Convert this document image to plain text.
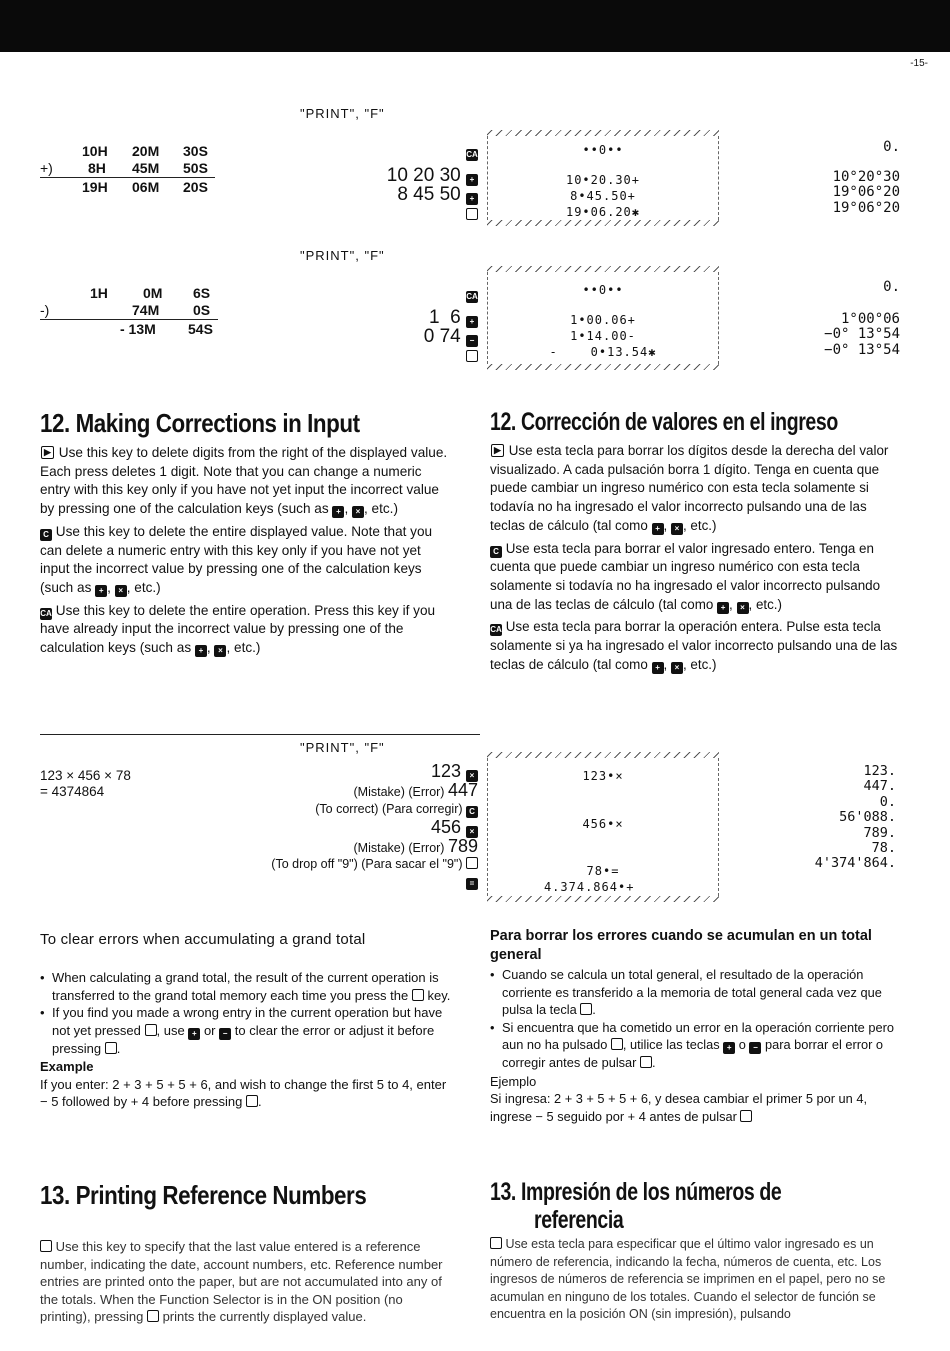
-15-
"PRINT", "F"
10H 20M 30S
+)	8H 45M 50S
19H 06M 20S
CA
10 20 30 +
8 45 50 +
••0••
10•20.30+
8•45.50+
19•06.20✱
0.
10°20°30
19°06°20
19°06°20
"PRINT", "F"
1H	0M 6S
-)	74M 0S
- 13M 54S
CA
1  6 +
0 74 −
••0••
1•00.06+
1•14.00-
-    0•13.54✱
0.
1°00°06
−0° 13°54
−0° 13°54
12. Making Corrections in Input

▶ Use this key to delete digits from the right of the displayed value. Each press deletes 1 digit. Note that you can change a numeric entry with this key only if you have not yet input the incorrect value by pressing one of the calculation keys (such as + , × , etc.)

C Use this key to delete the entire displayed value. Note that you can delete a numeric entry with this key only if you have not yet input the incorrect value by pressing one of the calculation keys (such as + , × , etc.)

CA Use this key to delete the entire operation. Press this key if you have already input the incorrect value by pressing one of the calculation keys (such as + , × , etc.)

12. Corrección de valores en el ingreso

▶ Use esta tecla para borrar los dígitos desde la derecha del valor visualizado. A cada pulsación borra 1 dígito. Tenga en cuenta que puede cambiar un ingreso numérico con esta tecla solamente si todavía no ha ingresado el valor incorrecto pulsando una de las teclas de cálculo (tal como + , × , etc.)

C Use esta tecla para borrar el valor ingresado entero. Tenga en cuenta que puede cambiar un ingreso numérico con esta tecla solamente si todavía no ha ingresado el valor incorrecto pulsando una de las teclas de cálculo (tal como + , × , etc.)

CA Use esta tecla para borrar la operación entera. Pulse esta tecla solamente si ya ha ingresado el valor incorrecto pulsando una de las teclas de cálculo (tal como + , × , etc.)

"PRINT", "F"
123 × 456 × 78
= 4374864
123 ×
(Mistake) (Error) 447
(To correct) (Para corregir) C
456 ×
(Mistake) (Error) 789
(To drop off "9") (Para sacar el "9")
=
123•×
456•×
78•=
4.374.864•+
123.
447.
0.
56'088.
789.
78.
4'374'864.
To clear errors when accumulating a grand total
• When calculating a grand total, the result of the current operation is transferred to the grand total memory each time you press the key.
• If you find you made a wrong entry in the current operation but have not yet pressed , use + or − to clear the error or adjust it before pressing .
Example
If you enter: 2 + 3 + 5 + 5 + 6, and wish to change the first 5 to 4, enter − 5 followed by + 4 before pressing .
Para borrar los errores cuando se acumulan en un total general
• Cuando se calcula un total general, el resultado de la operación corriente es transferido a la memoria de total general cada vez que pulsa la tecla .
• Si encuentra que ha cometido un error en la operación corriente pero aun no ha pulsado , utilice las teclas + o − para borrar el error o corregir antes de pulsar .
Ejemplo
Si ingresa: 2 + 3 + 5 + 5 + 6, y desea cambiar el primer 5 por un 4, ingrese − 5 seguido por + 4 antes de pulsar
13. Printing Reference Numbers
Use this key to specify that the last value entered is a reference number, indicating the date, account numbers, etc. Reference number entries are printed onto the paper, but are not accumulated into any of the totals. When the Function Selector is in the ON position (no printing), pressing prints the currently displayed value.
13. Impresión de los números de
referencia
Use esta tecla para especificar que el último valor ingresado es un número de referencia, indicando la fecha, números de cuenta, etc. Los ingresos de números de referencia se imprimen en el papel, pero no se acumulan en ninguno de los totales. Cuando el selector de función se encuentra en la posición ON (sin impresión), pulsando
